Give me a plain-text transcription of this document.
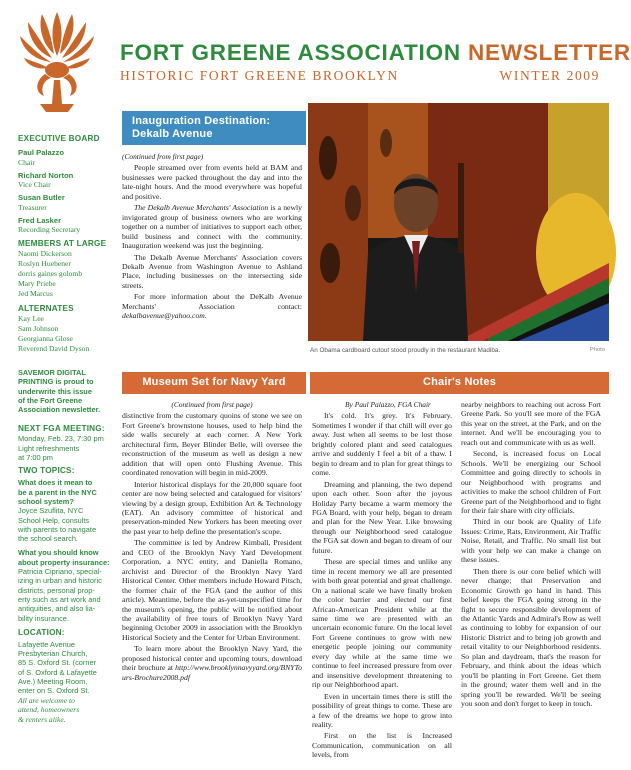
FORT GREENE ASSOCIATION NEWSLETTER
HISTORIC FORT GREENE BROOKLYN	WINTER 2009
EXECUTIVE BOARD
Paul Palazzo
Chair
Richard Norton
Vice Chair
Susan Butler
Treasurer
Fred Lasker
Recording Secretary
MEMBERS AT LARGE
Naomi Dickerson
Roslyn Huebener
dorris gaines golomb
Mary Priebe
Jed Marcus
ALTERNATES
Kay Lee
Sam Johnson
Georgianna Glose
Reverend David Dyson
SAVEMOR DIGITAL
PRINTING is proud to
underwrite this issue
of the Fort Greene
Association newsletter.
NEXT FGA MEETING:
Monday, Feb. 23, 7:30 pm
Light refreshments
at 7:00 pm
TWO TOPICS:
What does it mean to
be a parent in the NYC
school system?
Joyce Szuflita, NYC
School Help, consults
with parents to navigate
the school search.
What you should know
about property insurance:
Patricia Cipriano, special-
izing in urban and historic
districts, personal prop-
erty such as art work and
antiquities, and also lia-
bility insurance.
LOCATION:
Lafayette Avenue
Presbyterian Church,
85 S. Oxford St. (corner
of S. Oxford & Lafayette
Ave.) Meeting Room,
enter on S. Oxford St.
All are welcome to
attend, homeowners
& renters alike.
Inauguration Destination:
Dekalb Avenue

(Continued from first page)

People streamed over from events held at BAM and businesses were packed throughout the day and into the late-night hours. And the mood everywhere was hopeful and positive.

The Dekalb Avenue Merchants' Association is a newly invigorated group of business owners who are working together on a number of initiatives to support each other, build business and connect with the community. Inauguration weekend was just the beginning.

The Dekalb Avenue Merchants' Association covers Dekalb Avenue from Washington Avenue to Ashland Place, including businesses on the intersecting side streets.

For more information about the DeKalb Avenue Merchants' Association contact: dekalbavenue@yahoo.com.

An Obama cardboard cutout stood proudly in the restaurant Madiba.	Photo
Museum Set for Navy Yard

(Continued from first page)

distinctive from the customary quoins of stone we see on Fort Greene's brownstone houses, used to help bind the side walls securely at each corner. A New York architectural firm, Beyer Blinder Belle, will oversee the reconstruction of the museum as well as design a new addition that will open onto Flushing Avenue. This coordinated renovation will begin in mid-2009.

Interior historical displays for the 20,000 square foot center are now being selected and catalogued for visitors' viewing by a design group, Exhibition Art & Technology (EAT). An advisory committee of historical and preservation-minded New Yorkers has been meeting over the past year to help define the presentation's scope.

The committee is led by Andrew Kimball, President and CEO of the Brooklyn Navy Yard Development Corporation, a NYC entity, and Daniella Romano, archivist and Director of the Brooklyn Navy Yard Historical Center. Other members include Howard Pitsch, the former chair of the FGA (and the author of this article). Meantime, before the as-yet-unspecified time for the museum's opening, the public will be notified about the availability of free tours of Brooklyn Navy Yard beginning October 2009 in association with the Brooklyn Historical Society and the Center for Urban Environment.

To learn more about the Brooklyn Navy Yard, the proposed historical center and upcoming tours, download their brochure at http://www.brooklynnavyyard.org/BNYTours-Brochure2008.pdf

Chair's Notes

By Paul Palazzo, FGA Chair

It's cold. It's grey. It's February. Sometimes I wonder if that chill will ever go away. Just when all seems to be lost those brightly colored plant and seed catalogues arrive and suddenly I feel a bit of a thaw. I begin to dream and to plan for great things to come.

Dreaming and planning, the two depend upon each other. Soon after the joyous Holiday Party became a warm memory the FGA Board, with your help, began to dream and plan for the New Year. Like browsing through our Neighborhood seed catalogue the FGA sat down and began to dream of our future.

These are special times and unlike any time in recent memory we all are presented with both great potential and great challenge. On a national scale we have finally broken the color barrier and elected our first African-American President while at the same time we are presented with an uncertain economic future. On the local level Fort Greene continues to grow with new energetic people joining our community every day while at the same time we continue to feel increased pressure from over and insensitive development threatening to rip our Neighborhood apart.

Even in uncertain times there is still the possibility of great things to come. These are a few of the dreams we hope to grow into reality.

First on the list is Increased Communication, communication on all levels, from

nearby neighbors to reaching out across Fort Greene Park. So you'll see more of the FGA this year on the street, at the Park, and on the internet. And we'll be encouraging you to reach out and communicate with us as well.

Second, is increased focus on Local Schools. We'll be energizing our School Committee and going directly to schools in our Neighborhood with programs and activities to make the school children of Fort Greene part of the Neighborhood and to fight for their fair share with city officials.

Third in our book are Quality of Life Issues: Crime, Rats, Environment, Air Traffic Noise, Retail, and Traffic. No small list but with your help we can make a change on these issues.

Then there is our core belief which will never change; that Preservation and Economic Growth go hand in hand. This belief keeps the FGA going strong in the fight to secure responsible development of the Atlantic Yards and Admiral's Row as well as continuing to lobby for expansion of our Historic District and to bring job growth and retail vitality to our Neighborhood residents. So plan and daydream, that's the reason for February, and think about the ideas which you'll be planting in Fort Greene. Get them in the ground; water them well and in the spring you'll be rewarded. We'll be seeing you soon and don't forget to keep in touch.
